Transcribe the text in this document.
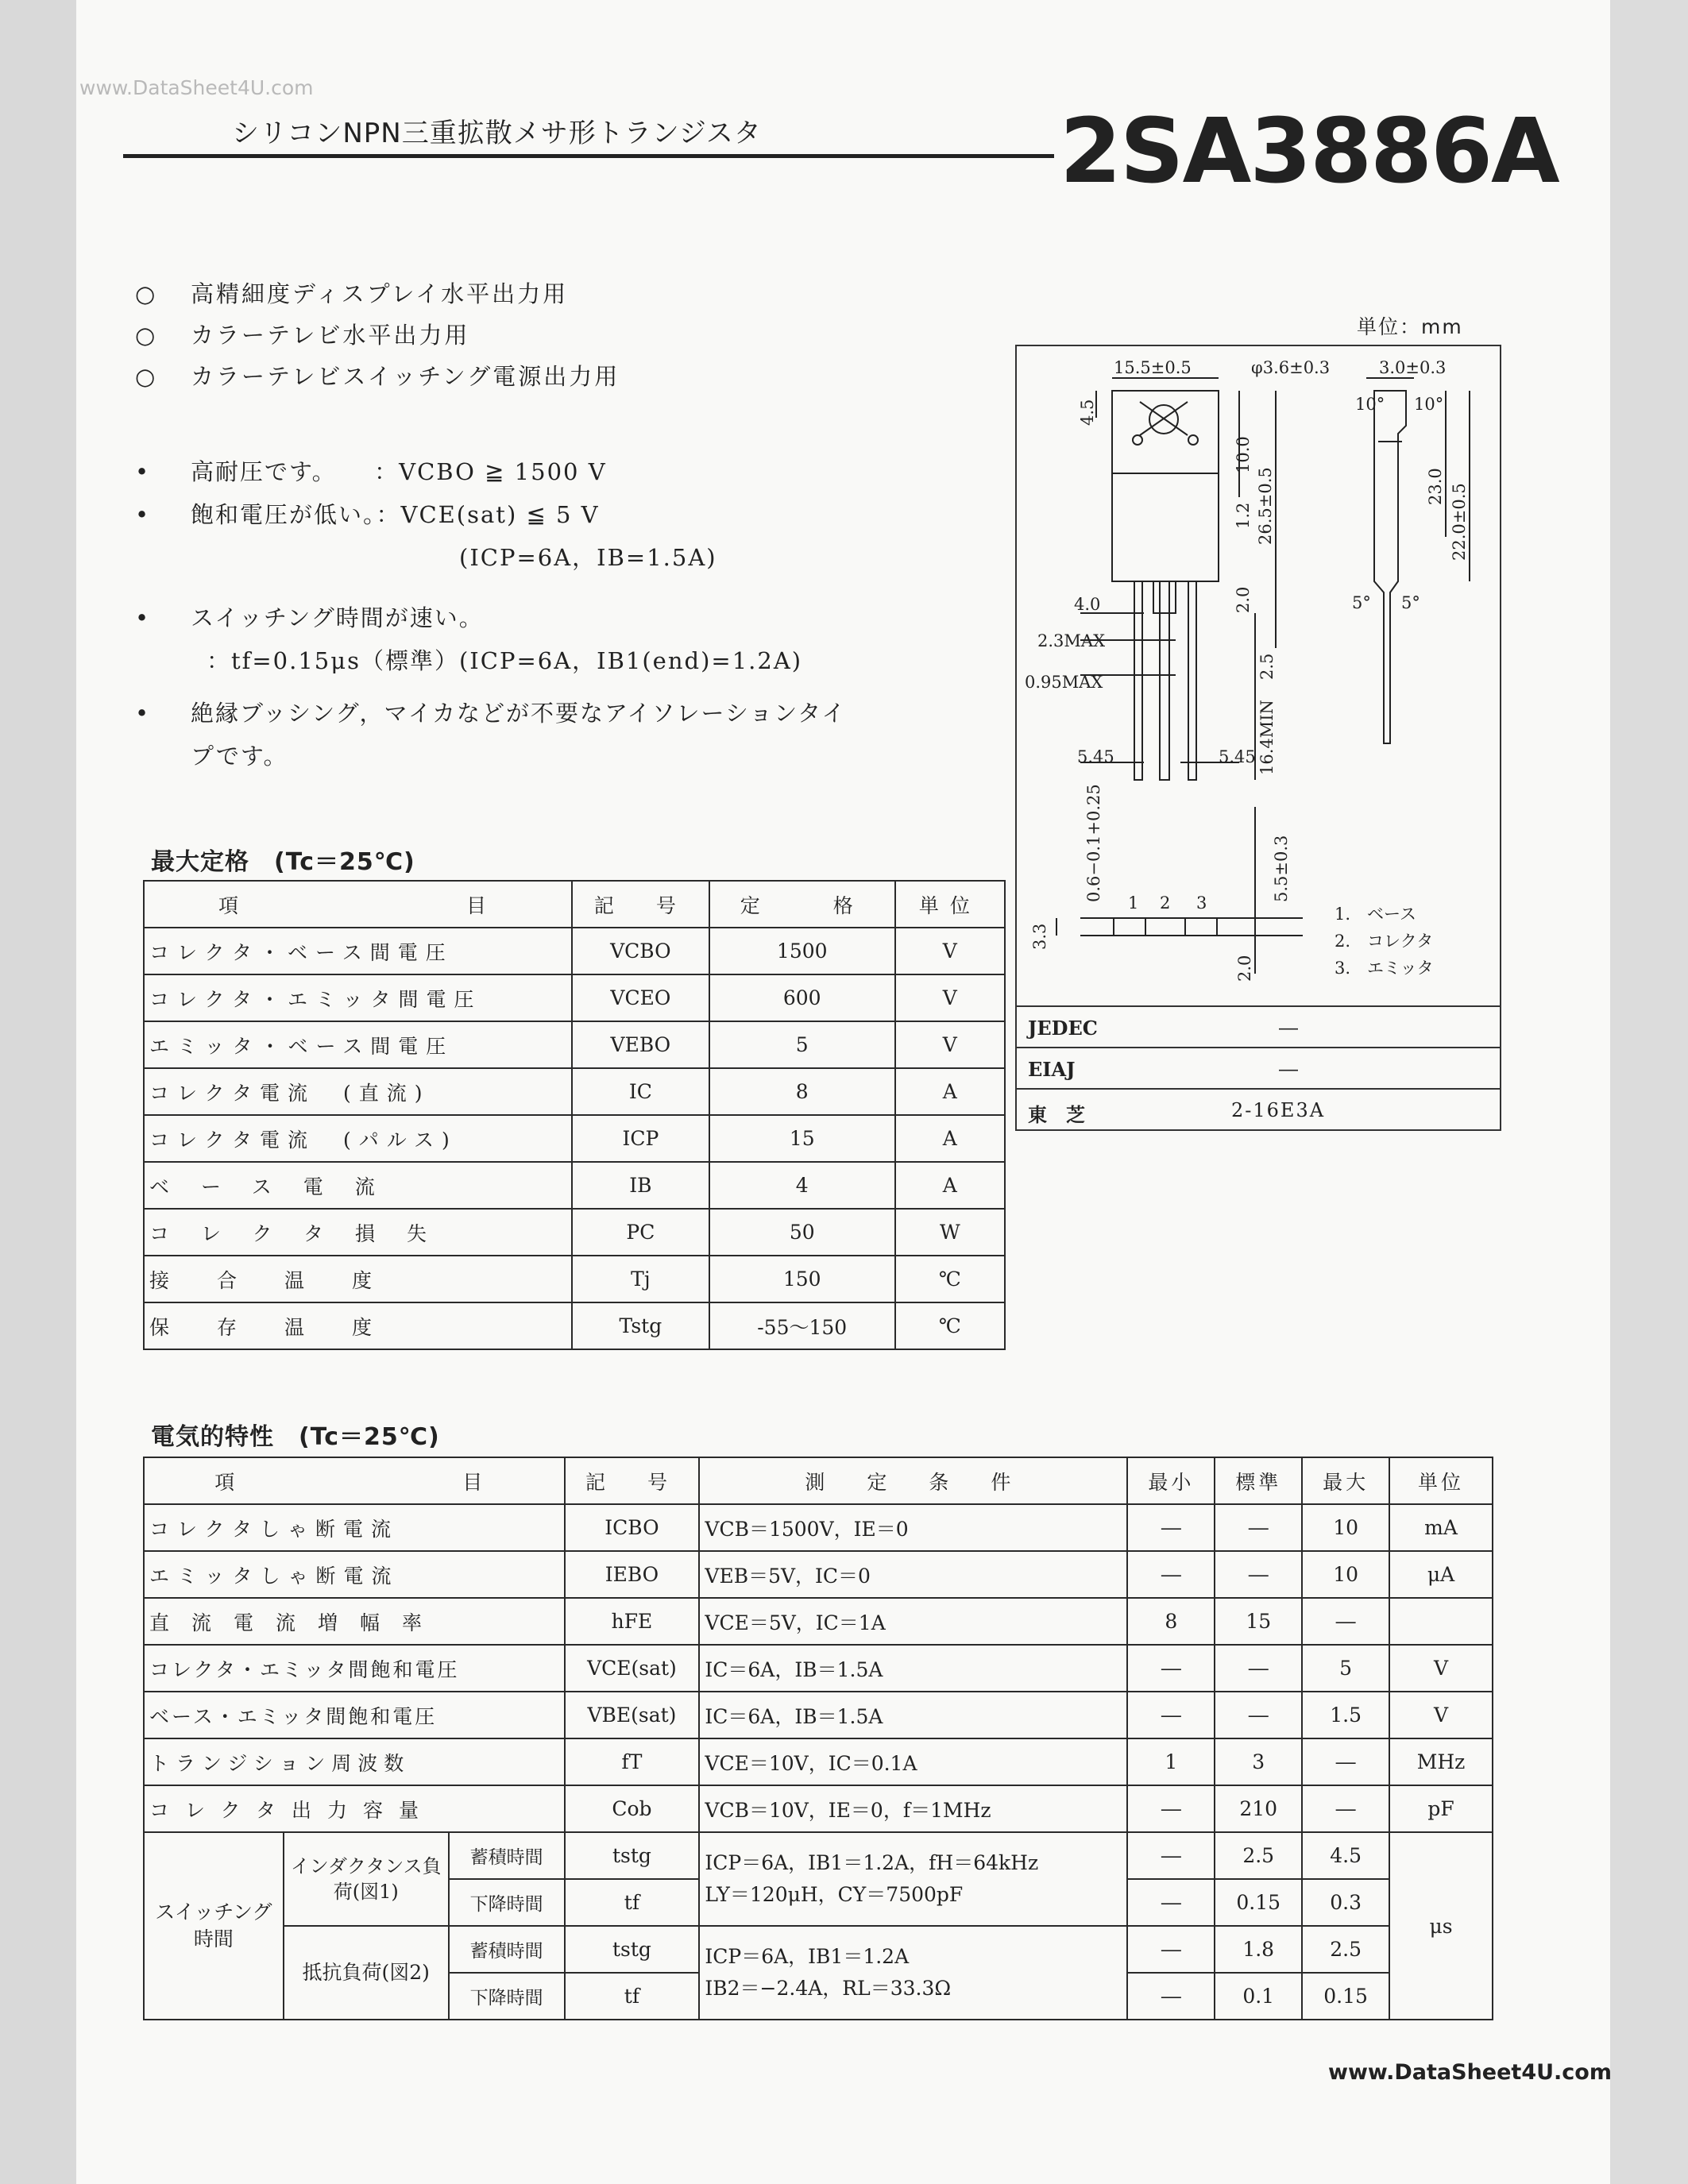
www.DataSheet4U.com
シリコンNPN三重拡散メサ形トランジスタ	2SA3886A
○ 高精細度ディスプレイ水平出力用
○ カラーテレビ水平出力用
○ カラーテレビスイッチング電源出力用
• 高耐圧です。　　：VCBO ≧ 1500 V
• 飽和電圧が低い。：VCE(sat) ≦ 5 V
(ICP=6A，IB=1.5A)
• スイッチング時間が速い。
：tf=0.15μs（標準）(ICP=6A，IB1(end)=1.2A)
• 絶縁ブッシング，マイカなどが不要なアイソレーションタイ
プです。
単位：mm
15.5±0.5	φ3.6±0.3	3.0±0.3
4.5
10.0
1.2 26.5±0.5
2.0
23.0 22.0±0.5
4.0
2.3MAX
0.95MAX
2.5
16.4MIN
5.45	5.45
0.6−0.1+0.25	5.5±0.3
3.3
2.0
10° 10°
5° 5°
1 2 3
1.　ベース
2.　コレクタ
3.　エミッタ
JEDEC	―
EIAJ	―
東　芝	2-16E3A
最大定格　(Tc＝25℃)
項　　　　　　　目	記　号	定　　格	単位
コレクタ・ベース間電圧	VCBO	1500	V
コレクタ・エミッタ間電圧	VCEO	600	V
エミッタ・ベース間電圧	VEBO	5	V
コレクタ電流　(直流)	IC	8	A
コレクタ電流　(パルス)	ICP	15	A
ベース電流	IB	4	A
コレクタ損失	PC	50	W
接合温度	Tj	150	℃
保存温度	Tstg	-55～150	℃
電気的特性　(Tc＝25℃)
項　　　　　　　目			記　号	測　定　条　件	最小	標準	最大	単位
コレクタしゃ断電流			ICBO	VCB＝1500V，IE＝0	―	―	10	mA
エミッタしゃ断電流			IEBO	VEB＝5V，IC＝0	―	―	10	μA
直流電流増幅率			hFE	VCE＝5V，IC＝1A	8	15	―	
コレクタ・エミッタ間飽和電圧			VCE(sat)	IC＝6A，IB＝1.5A	―	―	5	V
ベース・エミッタ間飽和電圧			VBE(sat)	IC＝6A，IB＝1.5A	―	―	1.5	V
トランジション周波数			fT	VCE＝10V，IC＝0.1A	1	3	―	MHz
コレクタ出力容量			Cob	VCB＝10V，IE＝0，f＝1MHz	―	210	―	pF
スイッチング時間	インダクタンス負荷(図1)	蓄積時間	tstg	ICP＝6A，IB1＝1.2A，fH＝64kHz
LY＝120μH，CY＝7500pF	―	2.5	4.5	μs
		下降時間	tf		―	0.15	0.3	
	抵抗負荷(図2)	蓄積時間	tstg	ICP＝6A，IB1＝1.2A
IB2＝−2.4A，RL＝33.3Ω	―	1.8	2.5	
		下降時間	tf		―	0.1	0.15	
www.DataSheet4U.com
